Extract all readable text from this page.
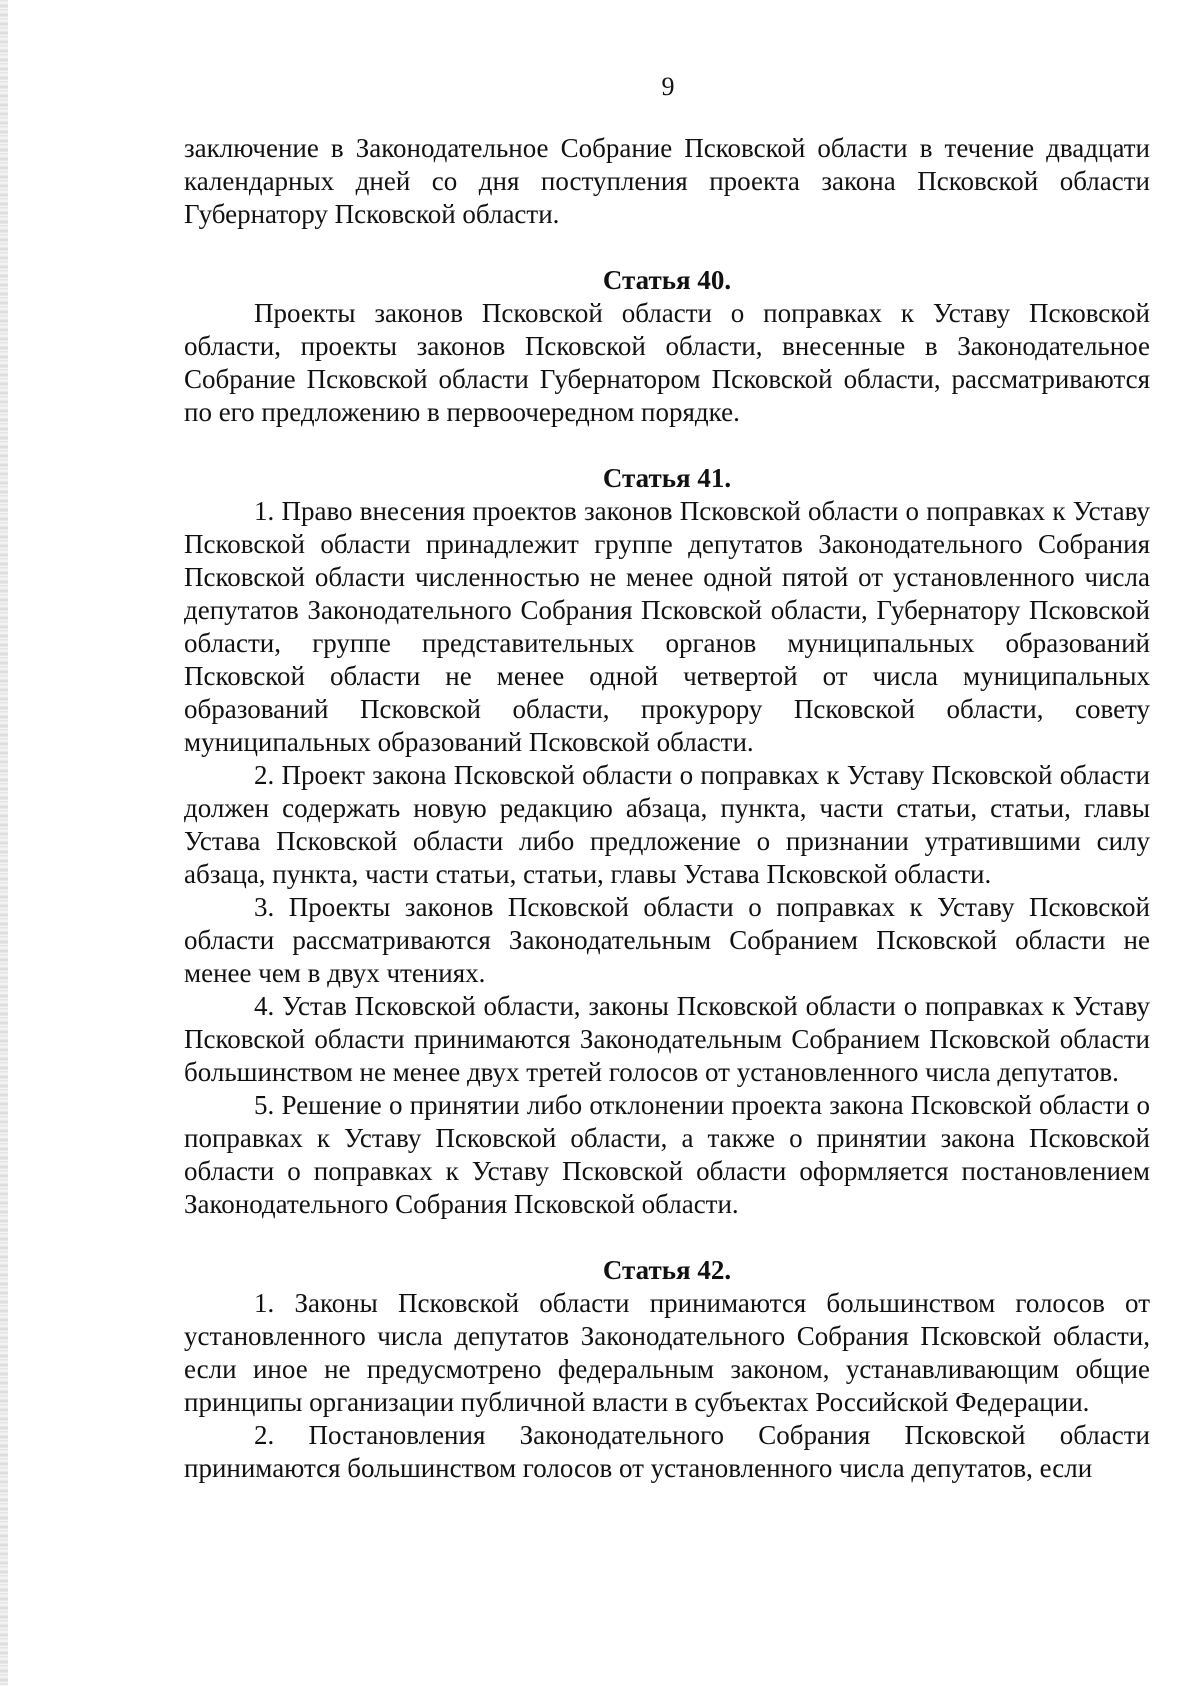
9

заключение в Законодательное Собрание Псковской области в течение двадцати календарных дней со дня поступления проекта закона Псковской области Губернатору Псковской области.

Статья 40.

Проекты законов Псковской области о поправках к Уставу Псковской области, проекты законов Псковской области, внесенные в Законодательное Собрание Псковской области Губернатором Псковской области, рассматриваются по его предложению в первоочередном порядке.

Статья 41.

1. Право внесения проектов законов Псковской области о поправках к Уставу Псковской области принадлежит группе депутатов Законодательного Собрания Псковской области численностью не менее одной пятой от установленного числа депутатов Законодательного Собрания Псковской области, Губернатору Псковской области, группе представительных органов муниципальных образований Псковской области не менее одной четвертой от числа муниципальных образований Псковской области, прокурору Псковской области, совету муниципальных образований Псковской области.

2. Проект закона Псковской области о поправках к Уставу Псковской области должен содержать новую редакцию абзаца, пункта, части статьи, статьи, главы Устава Псковской области либо предложение о признании утратившими силу абзаца, пункта, части статьи, статьи, главы Устава Псковской области.

3. Проекты законов Псковской области о поправках к Уставу Псковской области рассматриваются Законодательным Собранием Псковской области не менее чем в двух чтениях.

4. Устав Псковской области, законы Псковской области о поправках к Уставу Псковской области принимаются Законодательным Собранием Псковской области большинством не менее двух третей голосов от установленного числа депутатов.

5. Решение о принятии либо отклонении проекта закона Псковской области о поправках к Уставу Псковской области, а также о принятии закона Псковской области о поправках к Уставу Псковской области оформляется постановлением Законодательного Собрания Псковской области.

Статья 42.

1. Законы Псковской области принимаются большинством голосов от установленного числа депутатов Законодательного Собрания Псковской области, если иное не предусмотрено федеральным законом, устанавливающим общие принципы организации публичной власти в субъектах Российской Федерации.

2. Постановления Законодательного Собрания Псковской области принимаются большинством голосов от установленного числа депутатов, если
